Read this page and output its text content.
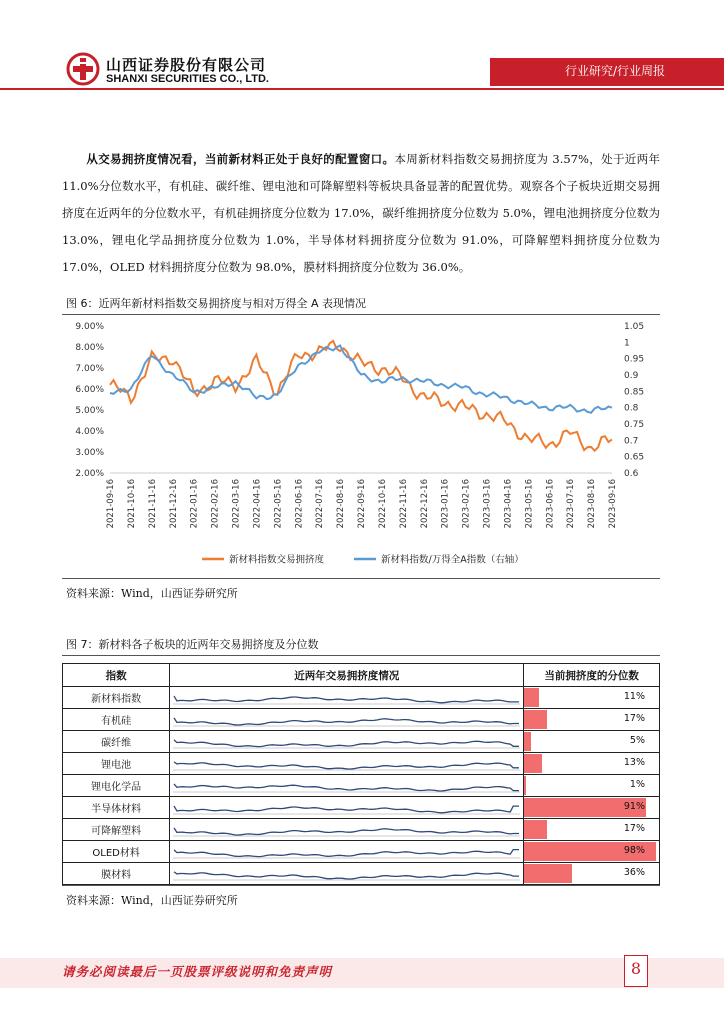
山西证券股份有限公司
SHANXI SECURITIES CO., LTD.
行业研究/行业周报
从交易拥挤度情况看，当前新材料正处于良好的配置窗口。本周新材料指数交易拥挤度为 3.57%，处于近两年 11.0%分位数水平，有机硅、碳纤维、锂电池和可降解塑料等板块具备显著的配置优势。观察各个子板块近期交易拥挤度在近两年的分位数水平，有机硅拥挤度分位数为 17.0%，碳纤维拥挤度分位数为 5.0%，锂电池拥挤度分位数为 13.0%，锂电化学品拥挤度分位数为 1.0%，半导体材料拥挤度分位数为 91.0%，可降解塑料拥挤度分位数为 17.0%，OLED 材料拥挤度分位数为 98.0%，膜材料拥挤度分位数为 36.0%。
图 6：近两年新材料指数交易拥挤度与相对万得全 A 表现情况
2.00%
3.00%
4.00%
5.00%
6.00%
7.00%
8.00%
9.00%
0.6
0.65
0.7
0.75
0.8
0.85
0.9
0.95
1
1.05
2021-09-16 2021-10-16 2021-11-16 2021-12-16 2022-01-16 2022-02-16 2022-03-16 2022-04-16 2022-05-16 2022-06-16 2022-07-16 2022-08-16 2022-09-16 2022-10-16 2022-11-16 2022-12-16 2023-01-16 2023-02-16 2023-03-16 2023-04-16 2023-05-16 2023-06-16 2023-07-16 2023-08-16 2023-09-16
新材料指数交易拥挤度	新材料指数/万得全A指数（右轴）
资料来源：Wind，山西证券研究所
图 7：新材料各子板块的近两年交易拥挤度及分位数
指数	近两年交易拥挤度情况	当前拥挤度的分位数
新材料指数		11%

有机硅		17%

碳纤维		5%

锂电池		13%

锂电化学品		1%

半导体材料		91%

可降解塑料		17%

OLED材料		98%

膜材料		36%
资料来源：Wind，山西证券研究所
请务必阅读最后一页股票评级说明和免责声明	8
